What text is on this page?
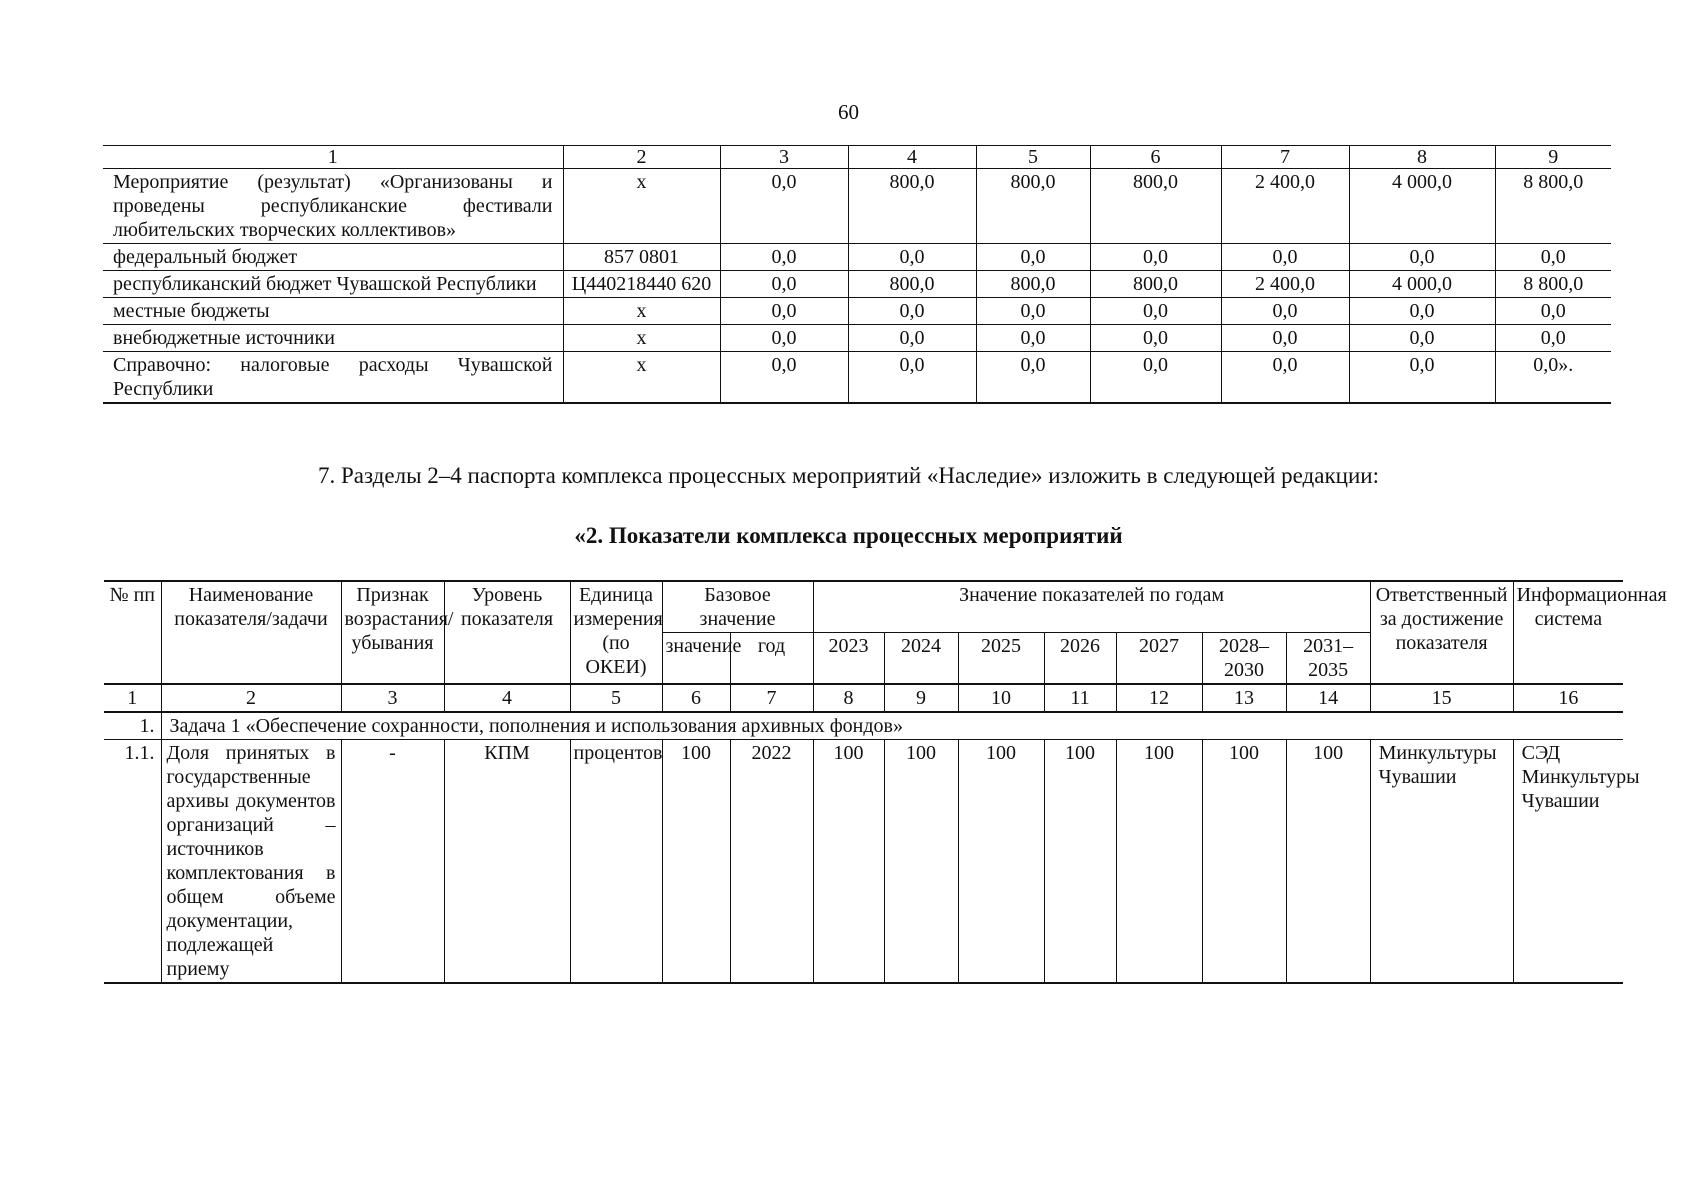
60
1	2	3	4	5	6	7	8	9
Мероприятие (результат) «Организованы и проведены республиканские фестивали любительских творческих коллективов»	х	0,0	800,0	800,0	800,0	2 400,0	4 000,0	8 800,0
федеральный бюджет	857 0801	0,0	0,0	0,0	0,0	0,0	0,0	0,0
республиканский бюджет Чувашской Республики	Ц440218440 620	0,0	800,0	800,0	800,0	2 400,0	4 000,0	8 800,0
местные бюджеты	х	0,0	0,0	0,0	0,0	0,0	0,0	0,0
внебюджетные источники	х	0,0	0,0	0,0	0,0	0,0	0,0	0,0
Справочно: налоговые расходы Чувашской Республики	х	0,0	0,0	0,0	0,0	0,0	0,0	0,0».
7. Разделы 2–4 паспорта комплекса процессных мероприятий «Наследие» изложить в следующей редакции:
«2. Показатели комплекса процессных мероприятий
№ пп	Наименование показателя/задачи	Признак возрастания/убывания	Уровень показателя	Единица измерения (по ОКЕИ)	Базовое значение		Значение показателей по годам							Ответственный за достижение показателя	Информационная система
					значение	год	2023	2024	2025	2026	2027	2028–2030	2031–2035		
1	2	3	4	5	6	7	8	9	10	11	12	13	14	15	16
1.	Задача 1 «Обеспечение сохранности, пополнения и использования архивных фондов»														
1.1.	Доля принятых в государственные архивы документов организаций – источников комплектования в общем объеме документации, подлежащей приему	-	КПМ	процентов	100	2022	100	100	100	100	100	100	100	Минкультуры Чувашии	СЭД Минкультуры Чувашии
